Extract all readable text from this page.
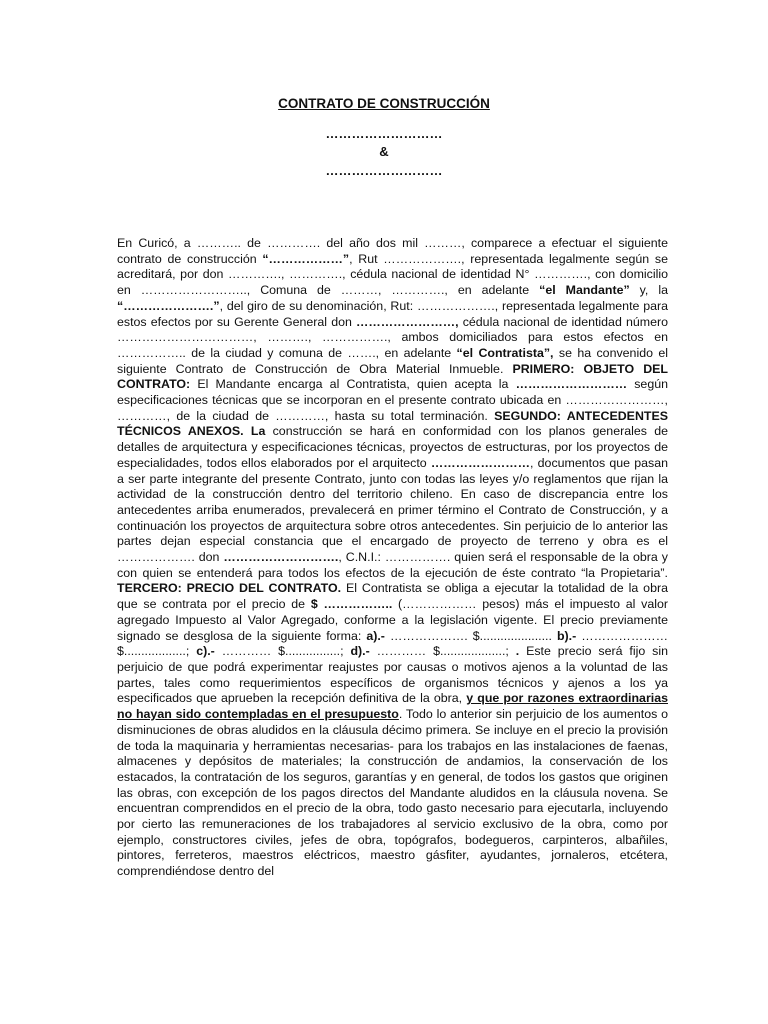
CONTRATO DE CONSTRUCCIÓN
………………………
&
………………………
En Curicó, a ……….. de …………. del año dos mil ………, comparece a efectuar el siguiente contrato de construcción “………………”, Rut ………………., representada legalmente según se acreditará, por don …………., …………., cédula nacional de identidad N° …………., con domicilio en …………………….., Comuna de ………, …………., en adelante “el Mandante” y, la “………………….”, del giro de su denominación, Rut: ………………., representada legalmente para estos efectos por su Gerente General don ……………………, cédula nacional de identidad número ……………………………, ………., ……………., ambos domiciliados para estos efectos en …………….. de la ciudad y comuna de ……., en adelante “el Contratista”, se ha convenido el siguiente Contrato de Construcción de Obra Material Inmueble. PRIMERO: OBJETO DEL CONTRATO: El Mandante encarga al Contratista, quien acepta la ……………………… según especificaciones técnicas que se incorporan en el presente contrato ubicada en ……………………, …………, de la ciudad de …………, hasta su total terminación. SEGUNDO: ANTECEDENTES TÉCNICOS ANEXOS. La construcción se hará en conformidad con los planos generales de detalles de arquitectura y especificaciones técnicas, proyectos de estructuras, por los proyectos de especialidades, todos ellos elaborados por el arquitecto ……………………, documentos que pasan a ser parte integrante del presente Contrato, junto con todas las leyes y/o reglamentos que rijan la actividad de la construcción dentro del territorio chileno. En caso de discrepancia entre los antecedentes arriba enumerados, prevalecerá en primer término el Contrato de Construcción, y a continuación los proyectos de arquitectura sobre otros antecedentes. Sin perjuicio de lo anterior las partes dejan especial constancia que el encargado de proyecto de terreno y obra es el ………………. don ………………………., C.N.I.: ……………. quien será el responsable de la obra y con quien se entenderá para todos los efectos de la ejecución de éste contrato “la Propietaria”. TERCERO: PRECIO DEL CONTRATO. El Contratista se obliga a ejecutar la totalidad de la obra que se contrata por el precio de $ …………….. (……………… pesos) más el impuesto al valor agregado Impuesto al Valor Agregado, conforme a la legislación vigente. El precio previamente signado se desglosa de la siguiente forma: a).- ………………. $..................... b).- ………………… $..................; c).- ………… $................; d).- ………… $...................; . Este precio será fijo sin perjuicio de que podrá experimentar reajustes por causas o motivos ajenos a la voluntad de las partes, tales como requerimientos específicos de organismos técnicos y ajenos a los ya especificados que aprueben la recepción definitiva de la obra, y que por razones extraordinarias no hayan sido contempladas en el presupuesto. Todo lo anterior sin perjuicio de los aumentos o disminuciones de obras aludidos en la cláusula décimo primera. Se incluye en el precio la provisión de toda la maquinaria y herramientas necesarias- para los trabajos en las instalaciones de faenas, almacenes y depósitos de materiales; la construcción de andamios, la conservación de los estacados, la contratación de los seguros, garantías y en general, de todos los gastos que originen las obras, con excepción de los pagos directos del Mandante aludidos en la cláusula novena. Se encuentran comprendidos en el precio de la obra, todo gasto necesario para ejecutarla, incluyendo por cierto las remuneraciones de los trabajadores al servicio exclusivo de la obra, como por ejemplo, constructores civiles, jefes de obra, topógrafos, bodegueros, carpinteros, albañiles, pintores, ferreteros, maestros eléctricos, maestro gásfiter, ayudantes, jornaleros, etcétera, comprendiéndose dentro del
